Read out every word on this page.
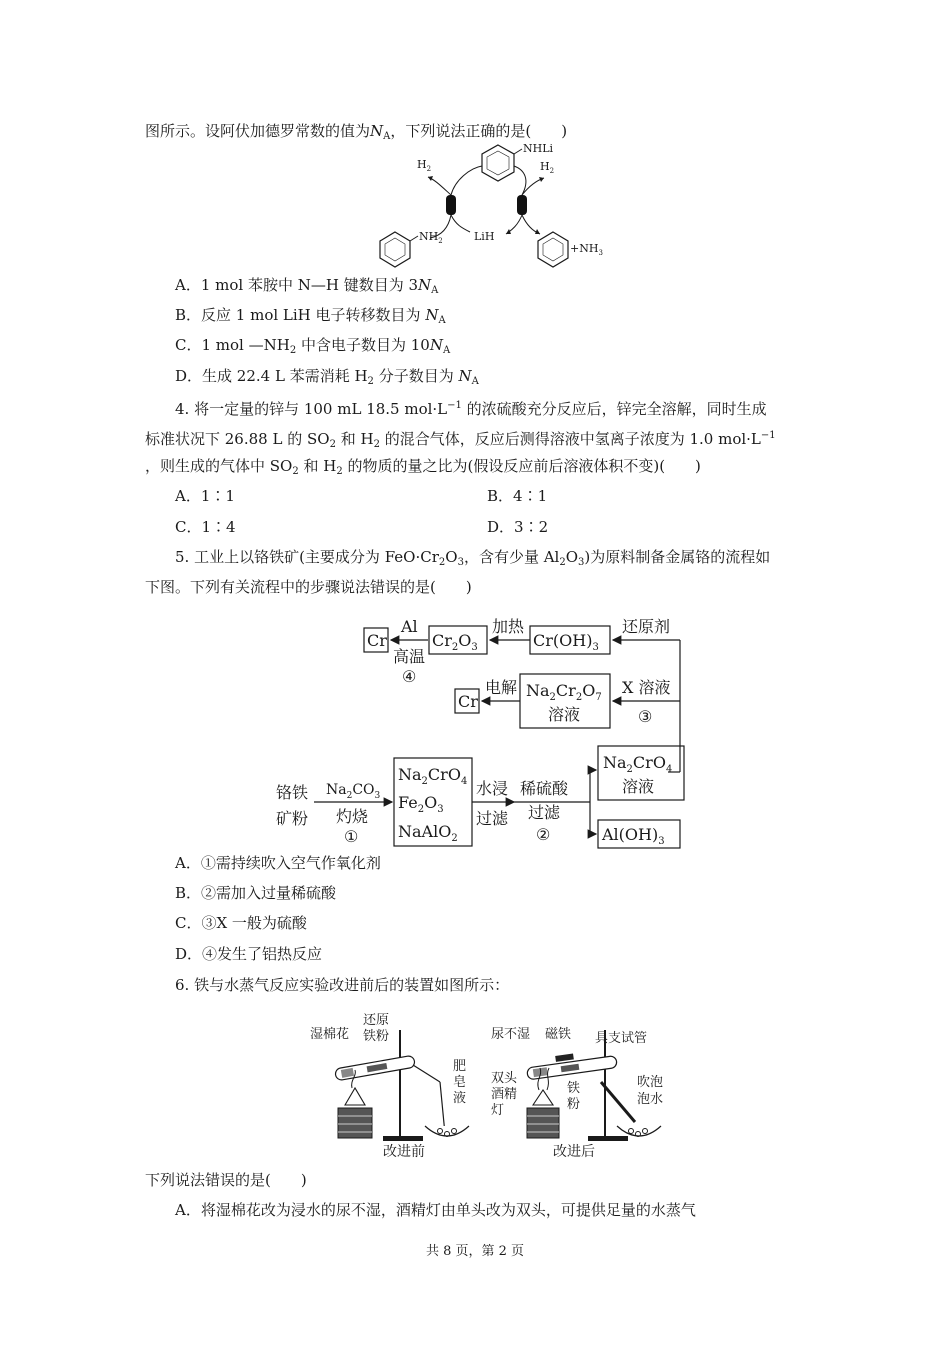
图所示。设阿伏加德罗常数的值为$N_A$，下列说法正确的是(　　)
NHLi
$H_2$	$H_2$
$NH_2$	LiH
$+NH_3$
A．1 mol 苯胺中 N—H 键数目为 $3N_A$
B．反应 1 mol LiH 电子转移数目为 $N_A$
C．1 mol $—NH_2$ 中含电子数目为 $10N_A$
D．生成 22.4 L 苯需消耗 $H_2$ 分子数目为 $N_A$
4. 将一定量的锌与 100 mL 18.5 $mol\cdot L^{-1}$ 的浓硫酸充分反应后，锌完全溶解，同时生成
标准状况下 26.88 L 的 $SO_2$ 和 $H_2$ 的混合气体，反应后测得溶液中氢离子浓度为 1.0 $mol\cdot L^{-1}$
，则生成的气体中 $SO_2$ 和 $H_2$ 的物质的量之比为(假设反应前后溶液体积不变)(　　)
A．1∶1	B．4∶1
C．1∶4	D．3∶2
5. 工业上以铬铁矿(主要成分为 $FeO\cdot Cr_2O_3$，含有少量 $Al_2O_3$)为原料制备金属铬的流程如
下图。下列有关流程中的步骤说法错误的是(　　)
Cr
Al
高温
④
$Cr_2O_3$
加热
$Cr(OH)_3$
还原剂
Cr
电解 $Na_2Cr_2O_7$
溶液
X 溶液
③
铬铁
矿粉
$Na_2CO_3$
灼烧
①
$Na_2CrO_4$
$Fe_2O_3$
NaAlO$_2$
水浸
过滤
稀硫酸
过滤
②
$Na_2CrO_4$
溶液
$Al(OH)_3$
A．①需持续吹入空气作氧化剂
B．②需加入过量稀硫酸
C．③X 一般为硫酸
D．④发生了铝热反应
6. 铁与水蒸气反应实验改进前后的装置如图所示：
湿棉花
还原
铁粉
肥
皂
液
改进前
尿不湿 磁铁 具支试管
吹泡
泡水
双头
酒精
灯
铁
粉
改进后
下列说法错误的是(　　)
A．将湿棉花改为浸水的尿不湿，酒精灯由单头改为双头，可提供足量的水蒸气
共 8 页，第 2 页
